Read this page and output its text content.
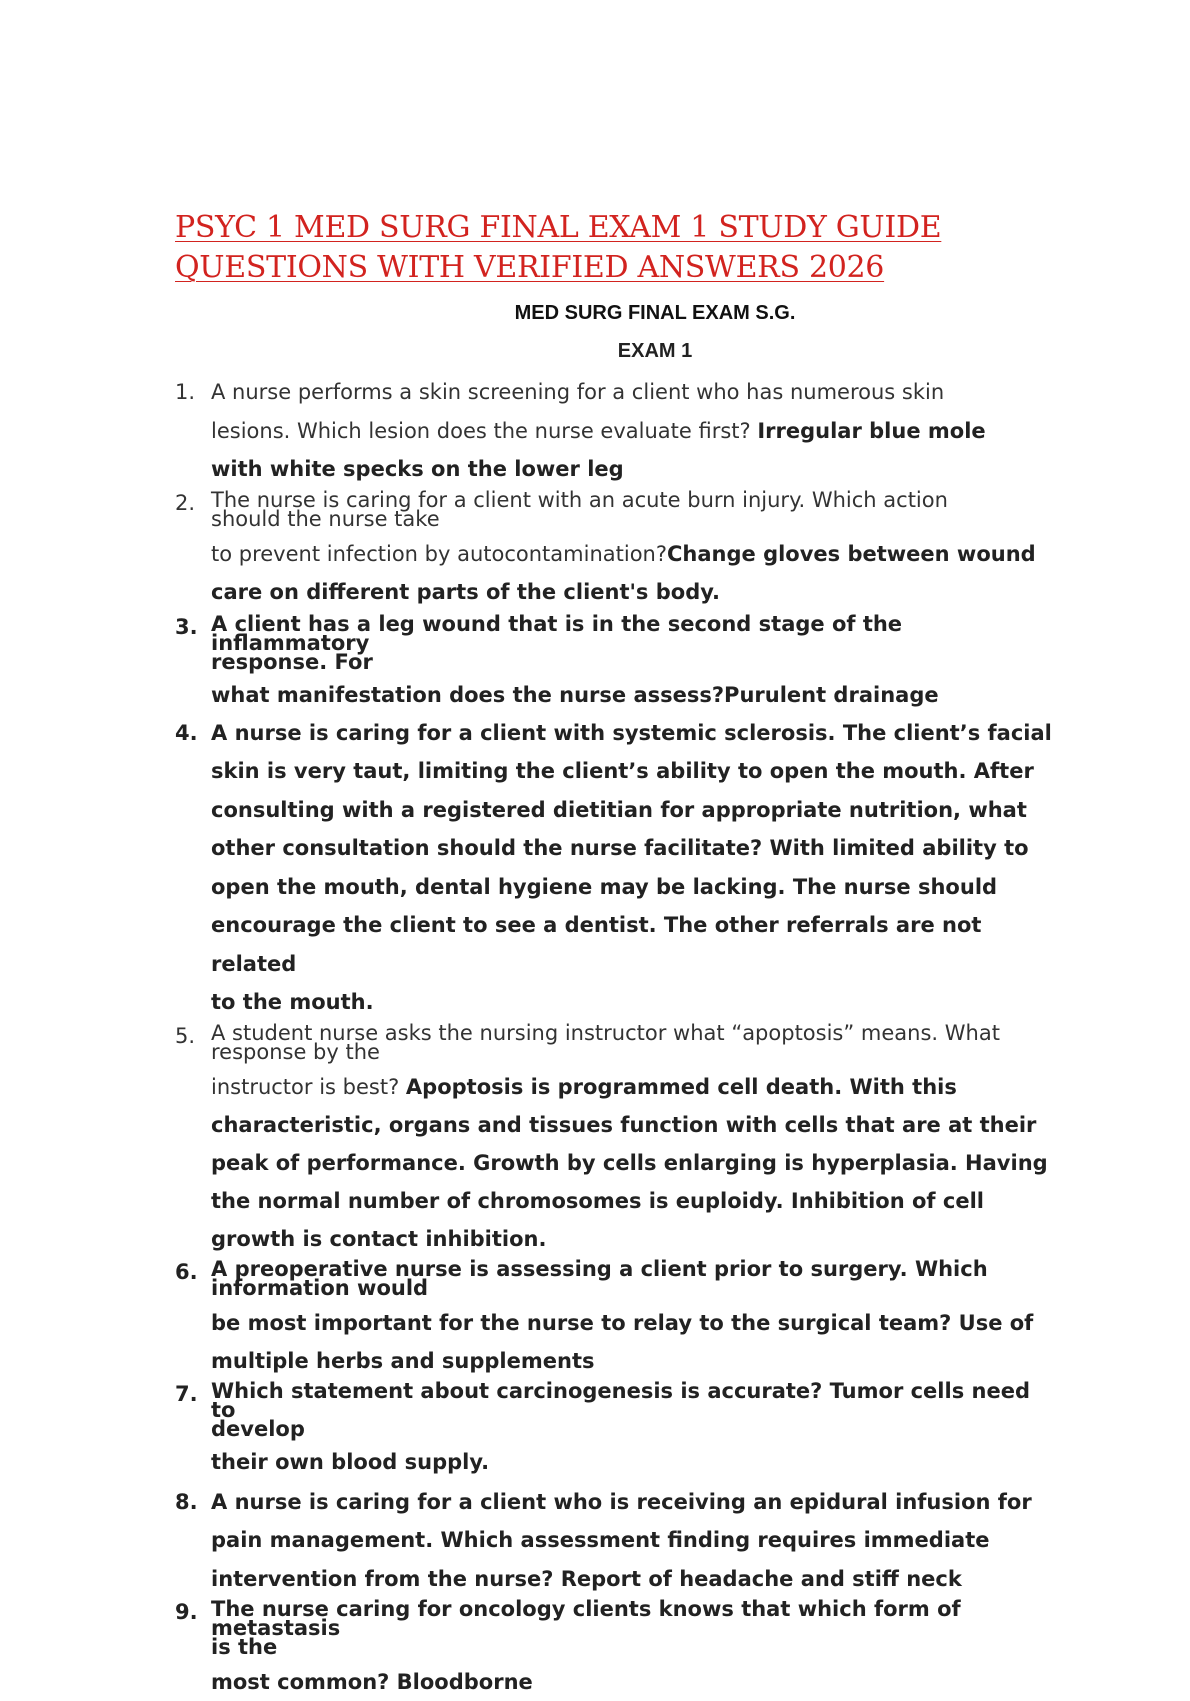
PSYC 1 MED SURG FINAL EXAM 1 STUDY GUIDE
QUESTIONS WITH VERIFIED ANSWERS 2026
MED SURG FINAL EXAM S.G.
EXAM 1
1. A nurse performs a skin screening for a client who has numerous skin
lesions. Which lesion does the nurse evaluate first? Irregular blue mole
with white specks on the lower leg
2. The nurse is caring for a client with an acute burn injury. Which action
should the nurse take
to prevent infection by autocontamination?Change gloves between wound
care on different parts of the client's body.
3. A client has a leg wound that is in the second stage of the inflammatory
response. For
what manifestation does the nurse assess?Purulent drainage
4. A nurse is caring for a client with systemic sclerosis. The client’s facial
skin is very taut, limiting the client’s ability to open the mouth. After
consulting with a registered dietitian for appropriate nutrition, what
other consultation should the nurse facilitate? With limited ability to
open the mouth, dental hygiene may be lacking. The nurse should
encourage the client to see a dentist. The other referrals are not related
to the mouth.
5. A student nurse asks the nursing instructor what “apoptosis” means. What
response by the
instructor is best? Apoptosis is programmed cell death. With this
characteristic, organs and tissues function with cells that are at their
peak of performance. Growth by cells enlarging is hyperplasia. Having
the normal number of chromosomes is euploidy. Inhibition of cell
growth is contact inhibition.
6. A preoperative nurse is assessing a client prior to surgery. Which
information would
be most important for the nurse to relay to the surgical team? Use of
multiple herbs and supplements
7. Which statement about carcinogenesis is accurate? Tumor cells need to
develop
their own blood supply.
8. A nurse is caring for a client who is receiving an epidural infusion for
pain management. Which assessment finding requires immediate
intervention from the nurse? Report of headache and stiff neck
9. The nurse caring for oncology clients knows that which form of metastasis
is the
most common? Bloodborne
